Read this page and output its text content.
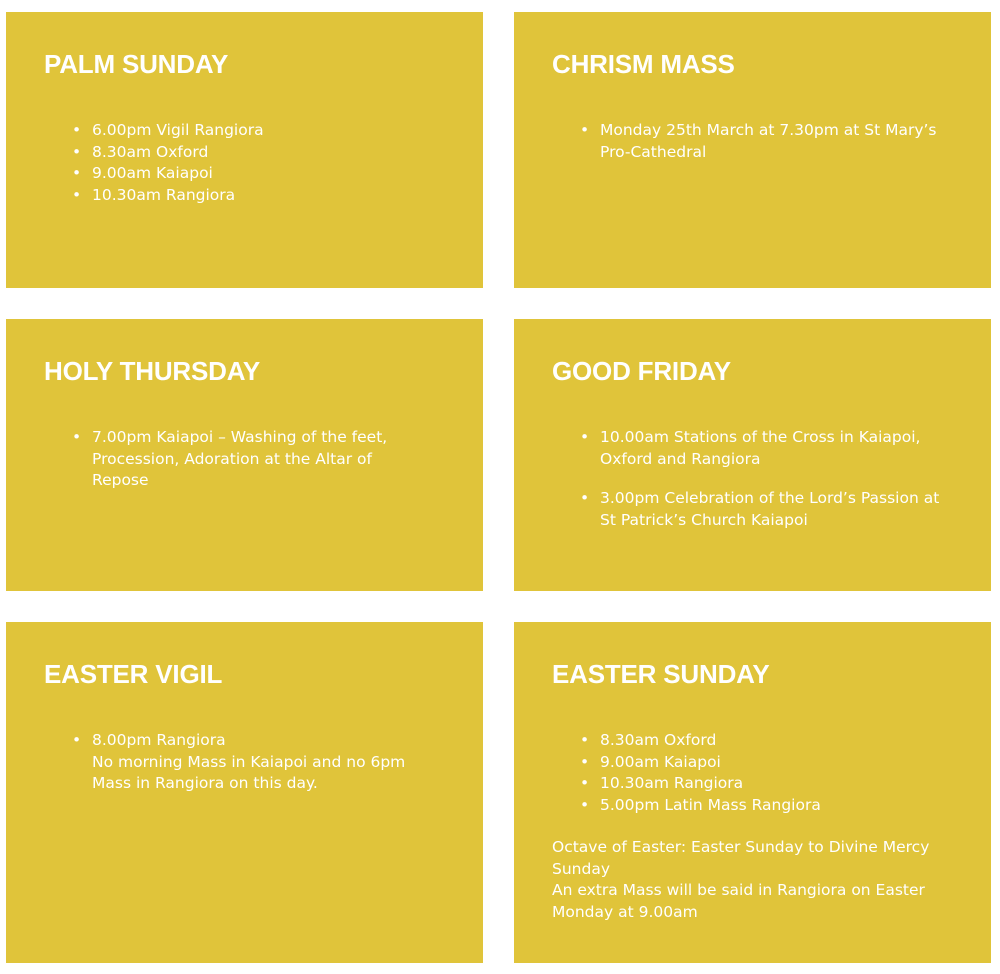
PALM SUNDAY
• 6.00pm Vigil Rangiora
• 8.30am Oxford
• 9.00am Kaiapoi
• 10.30am Rangiora
CHRISM MASS
• Monday 25th March at 7.30pm at St Mary’s Pro-Cathedral
HOLY THURSDAY
• 7.00pm Kaiapoi – Washing of the feet, Procession, Adoration at the Altar of Repose
GOOD FRIDAY
• 10.00am Stations of the Cross in Kaiapoi, Oxford and Rangiora
• 3.00pm Celebration of the Lord’s Passion at St Patrick’s Church Kaiapoi
EASTER VIGIL
• 8.00pm Rangiora
No morning Mass in Kaiapoi and no 6pm Mass in Rangiora on this day.
EASTER SUNDAY
• 8.30am Oxford
• 9.00am Kaiapoi
• 10.30am Rangiora
• 5.00pm Latin Mass Rangiora

Octave of Easter: Easter Sunday to Divine Mercy Sunday
An extra Mass will be said in Rangiora on Easter Monday at 9.00am
